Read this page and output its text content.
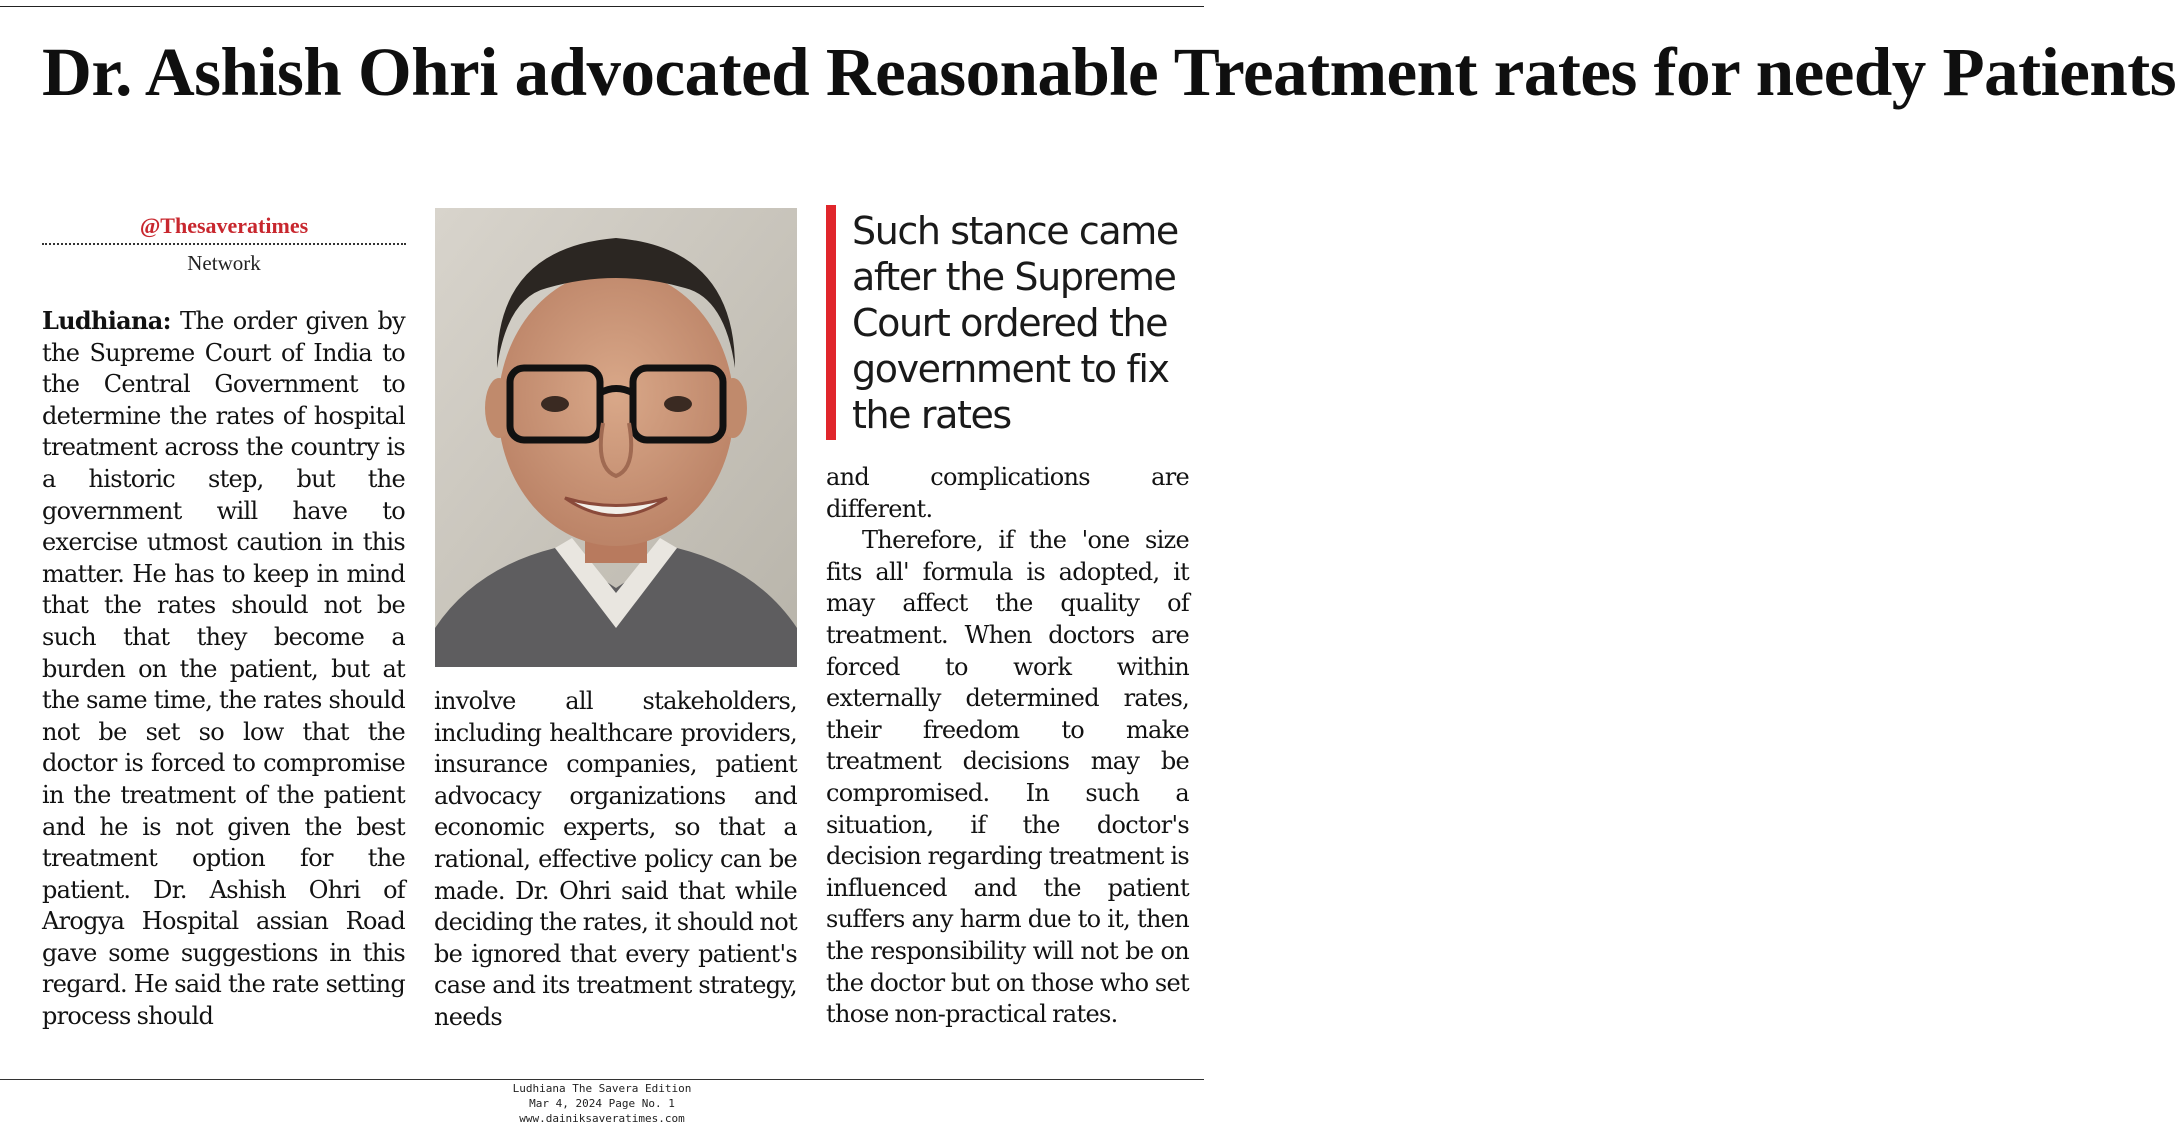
Dr. Ashish Ohri advocated Reasonable Treatment rates for needy Patients
@Thesaveratimes
Network

Ludhiana: The order given by the Supreme Court of India to the Central Government to determine the rates of hospital treatment across the country is a historic step, but the government will have to exercise utmost caution in this matter. He has to keep in mind that the rates should not be such that they become a burden on the patient, but at the same time, the rates should not be set so low that the doctor is forced to compromise in the treatment of the patient and he is not given the best treatment option for the patient. Dr. Ashish Ohri of Arogya Hospital assian Road gave some suggestions in this regard. He said the rate setting process should

involve all stakeholders, including healthcare providers, insurance companies, patient advocacy organizations and economic experts, so that a rational, effective policy can be made. Dr. Ohri said that while deciding the rates, it should not be ignored that every patient's case and its treatment strategy, needs

Such stance came after the Supreme Court ordered the government to fix the rates

and complications are different.
Therefore, if the 'one size fits all' formula is adopted, it may affect the quality of treatment. When doctors are forced to work within externally determined rates, their freedom to make treatment decisions may be compromised. In such a situation, if the doctor's decision regarding treatment is influenced and the patient suffers any harm due to it, then the responsibility will not be on the doctor but on those who set those non-practical rates.
Ludhiana The Savera Edition
Mar 4, 2024 Page No. 1
www.dainiksaveratimes.com
